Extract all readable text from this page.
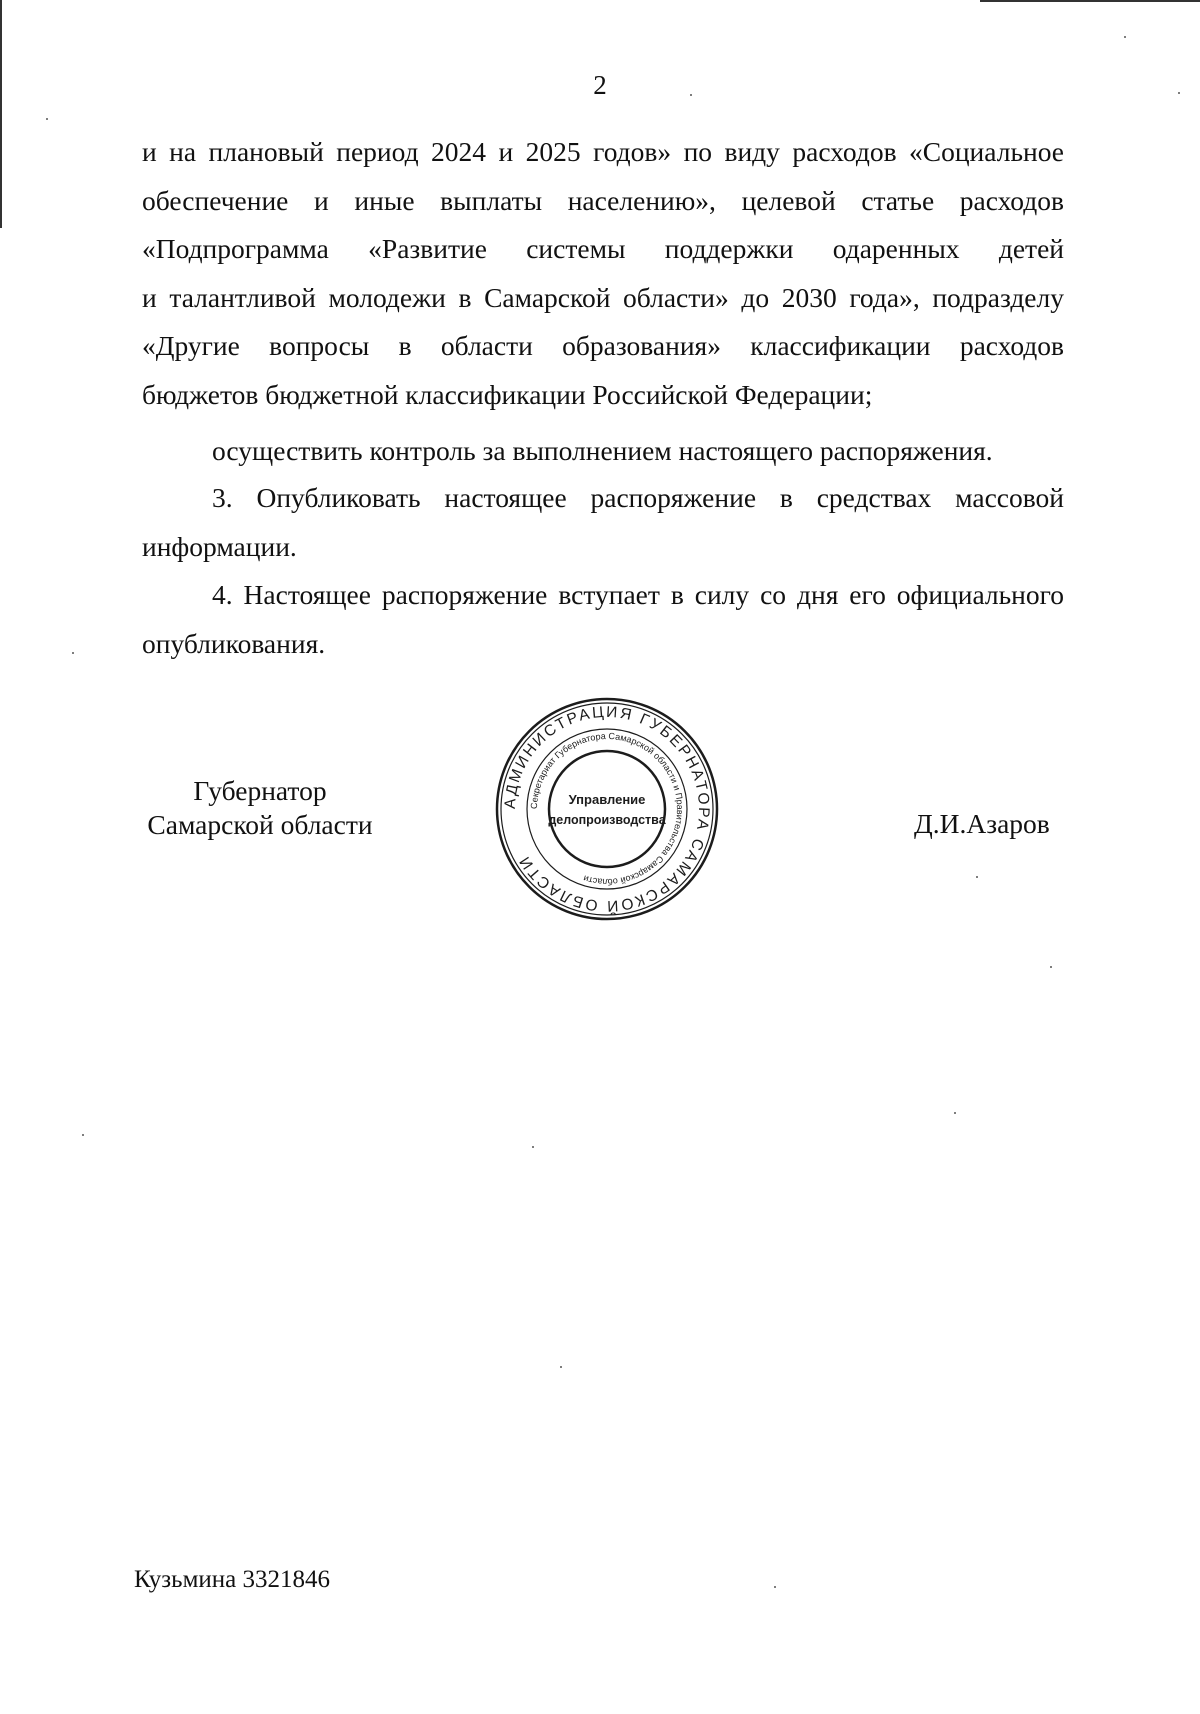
2
и на плановый период 2024 и 2025 годов» по виду расходов «Социальное
обеспечение и иные выплаты населению», целевой статье расходов
«Подпрограмма «Развитие системы поддержки одаренных детей
и талантливой молодежи в Самарской области» до 2030 года», подразделу
«Другие вопросы в области образования» классификации расходов
бюджетов бюджетной классификации Российской Федерации;
осуществить контроль за выполнением настоящего распоряжения.
3. Опубликовать настоящее распоряжение в средствах массовой
информации.
4. Настоящее распоряжение вступает в силу со дня его официального
опубликования.
Губернатор
Самарской области
АДМИНИСТРАЦИЯ ГУБЕРНАТОРА САМАРСКОЙ ОБЛАСТИ
Секретариат Губернатора Самарской области и Правительства Самарской области
Управление
делопроизводства	Д.И.Азаров
Кузьмина 3321846
